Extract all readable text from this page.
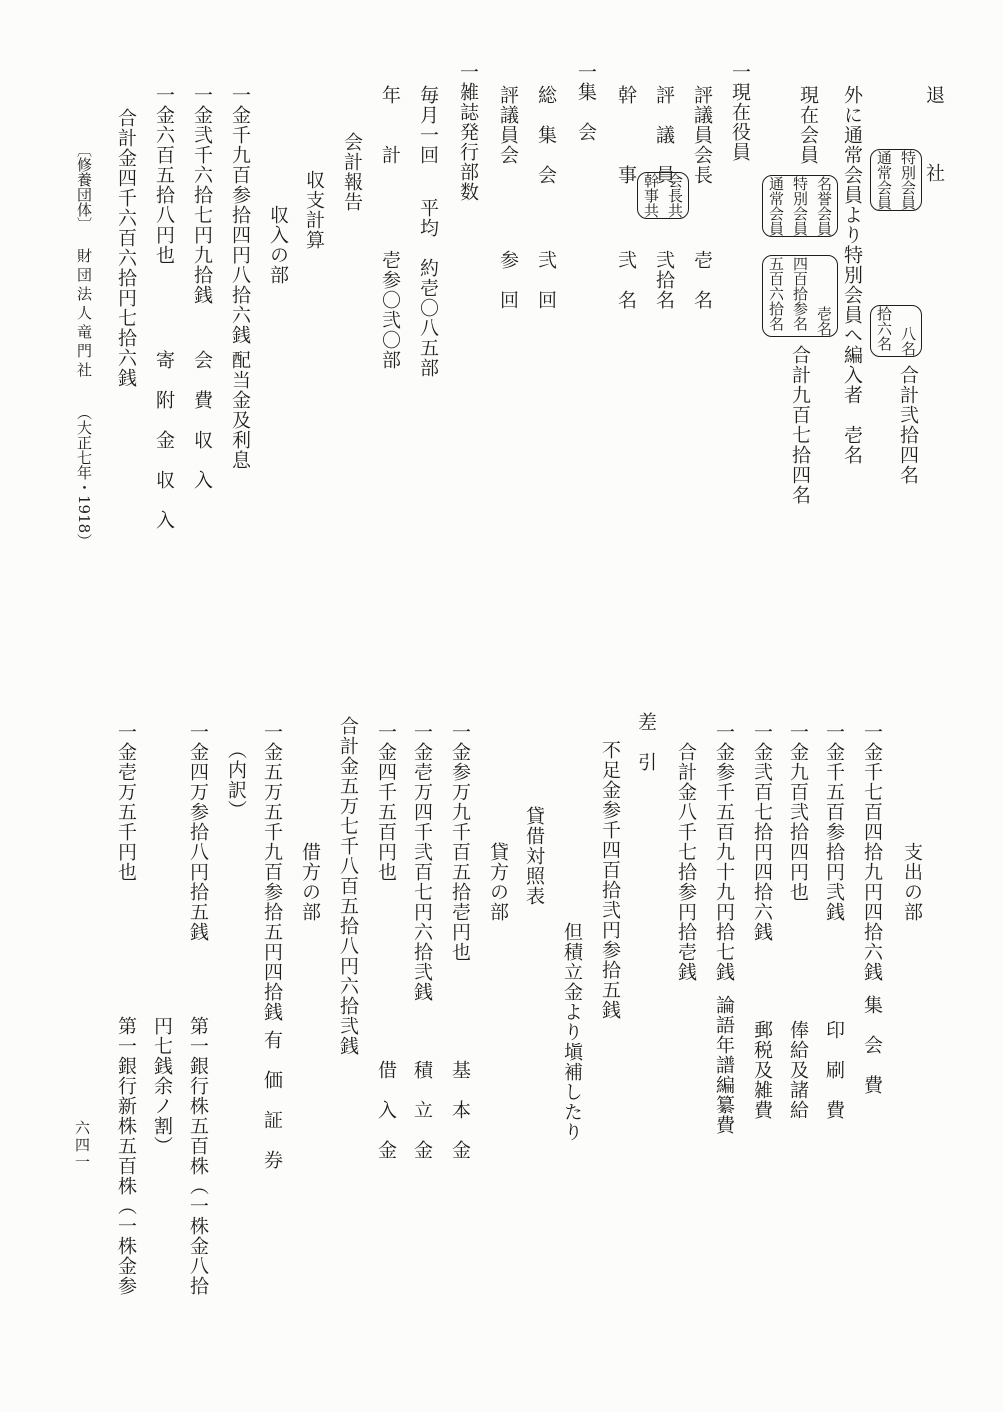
退　社
特別会員
通常会員
八名
拾六名
合計弐拾四名
外に通常会員より特別会員へ編入者　壱名
現在会員
名誉会員
特別会員
通常会員
壱名
四百拾参名
五百六拾名
合計九百七拾四名
一現在役員
評議員会長
壱　名
評　議　員
会長共
幹事共
弐拾名
幹　　　事
弐　名
一集　会
総　集　会
弐　回
評議員会
参　回
一雑誌発行部数
毎月一回
平均　約壱〇八五部
年　　計
壱参〇弐〇部
会計報告
収支計算
収入の部
一金千九百参拾四円八拾六銭
配当金及利息
一金弐千六拾七円九拾銭
会　費　収　入
一金六百五拾八円也
寄　附　金　収　入
合計金四千六百六拾円七拾六銭
〔修養団体〕
財団法人竜門社
（大正七年・1918）
支出の部
一金千七百四拾九円四拾六銭
集　会　費
一金千五百参拾円弐銭
印　刷　費
一金九百弐拾四円也
俸給及諸給
一金弐百七拾円四拾六銭
郵税及雑費
一金参千五百九十九円拾七銭
論語年譜編纂費
合計金八千七拾参円拾壱銭
差　引
不足金参千四百拾弐円参拾五銭
但積立金より塡補したり
貸借対照表
貸方の部
一金参万九千百五拾壱円也
基　本　金
一金壱万四千弐百七円六拾弐銭
積　立　金
一金四千五百円也
借　入　金
合計金五万七千八百五拾八円六拾弐銭
借方の部
一金五万五千九百参拾五円四拾銭
有　価　証　券
（内訳）
一金四万参拾八円拾五銭
第一銀行株五百株（一株金八拾
円七銭余ノ割）
一金壱万五千円也
第一銀行新株五百株（一株金参
六四一
